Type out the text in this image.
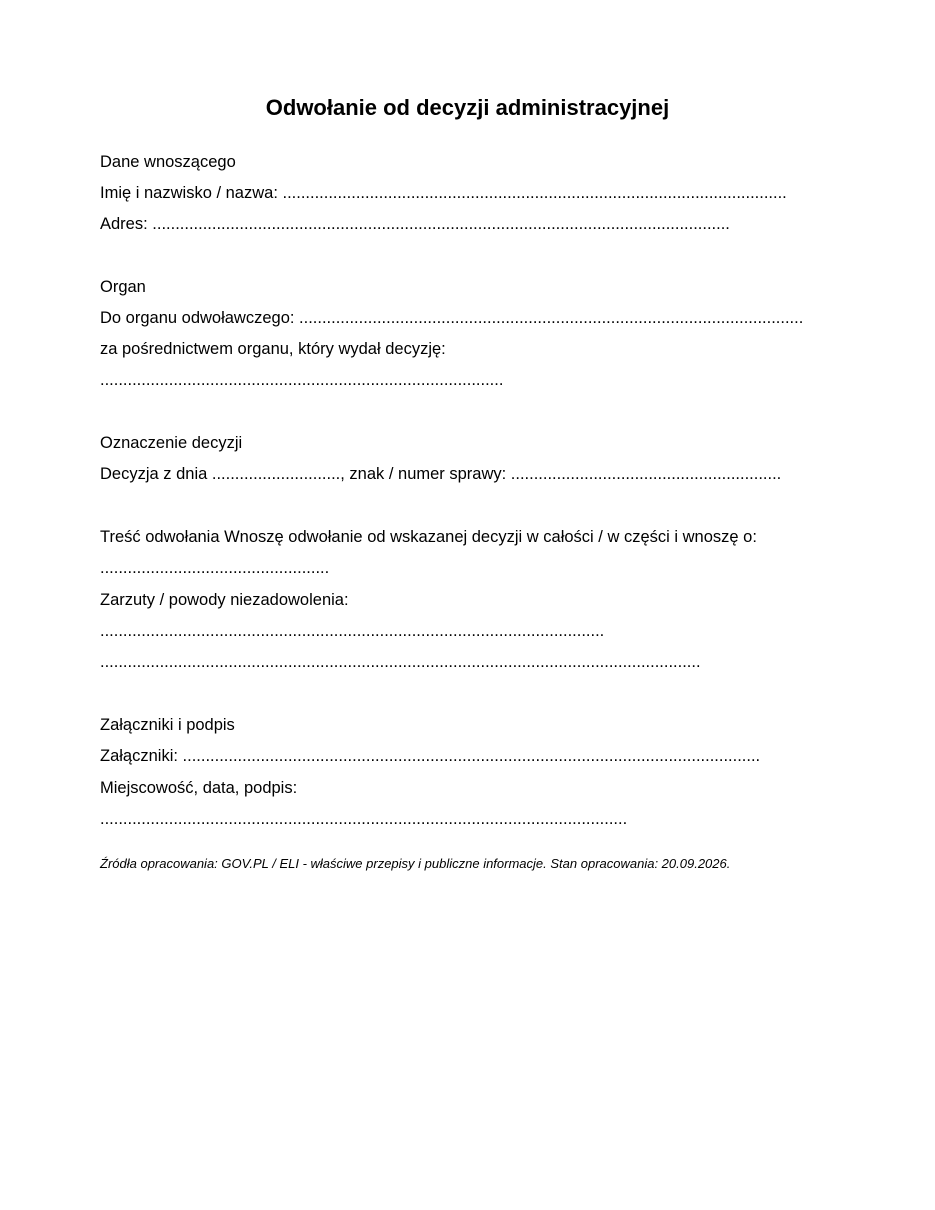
Odwołanie od decyzji administracyjnej
Dane wnoszącego
Imię i nazwisko / nazwa: ..............................................................................................................
Adres: ..............................................................................................................................
Organ
Do organu odwoławczego: ..............................................................................................................
za pośrednictwem organu, który wydał decyzję:
........................................................................................
Oznaczenie decyzji
Decyzja z dnia ............................, znak / numer sprawy: ...........................................................
Treść odwołania Wnoszę odwołanie od wskazanej decyzji w całości / w części i wnoszę o:
..................................................
Zarzuty / powody niezadowolenia:
..............................................................................................................
...................................................................................................................................
Załączniki i podpis
Załączniki: ..............................................................................................................................
Miejscowość, data, podpis:
...................................................................................................................
Źródła opracowania: GOV.PL / ELI - właściwe przepisy i publiczne informacje. Stan opracowania: 20.09.2026.
